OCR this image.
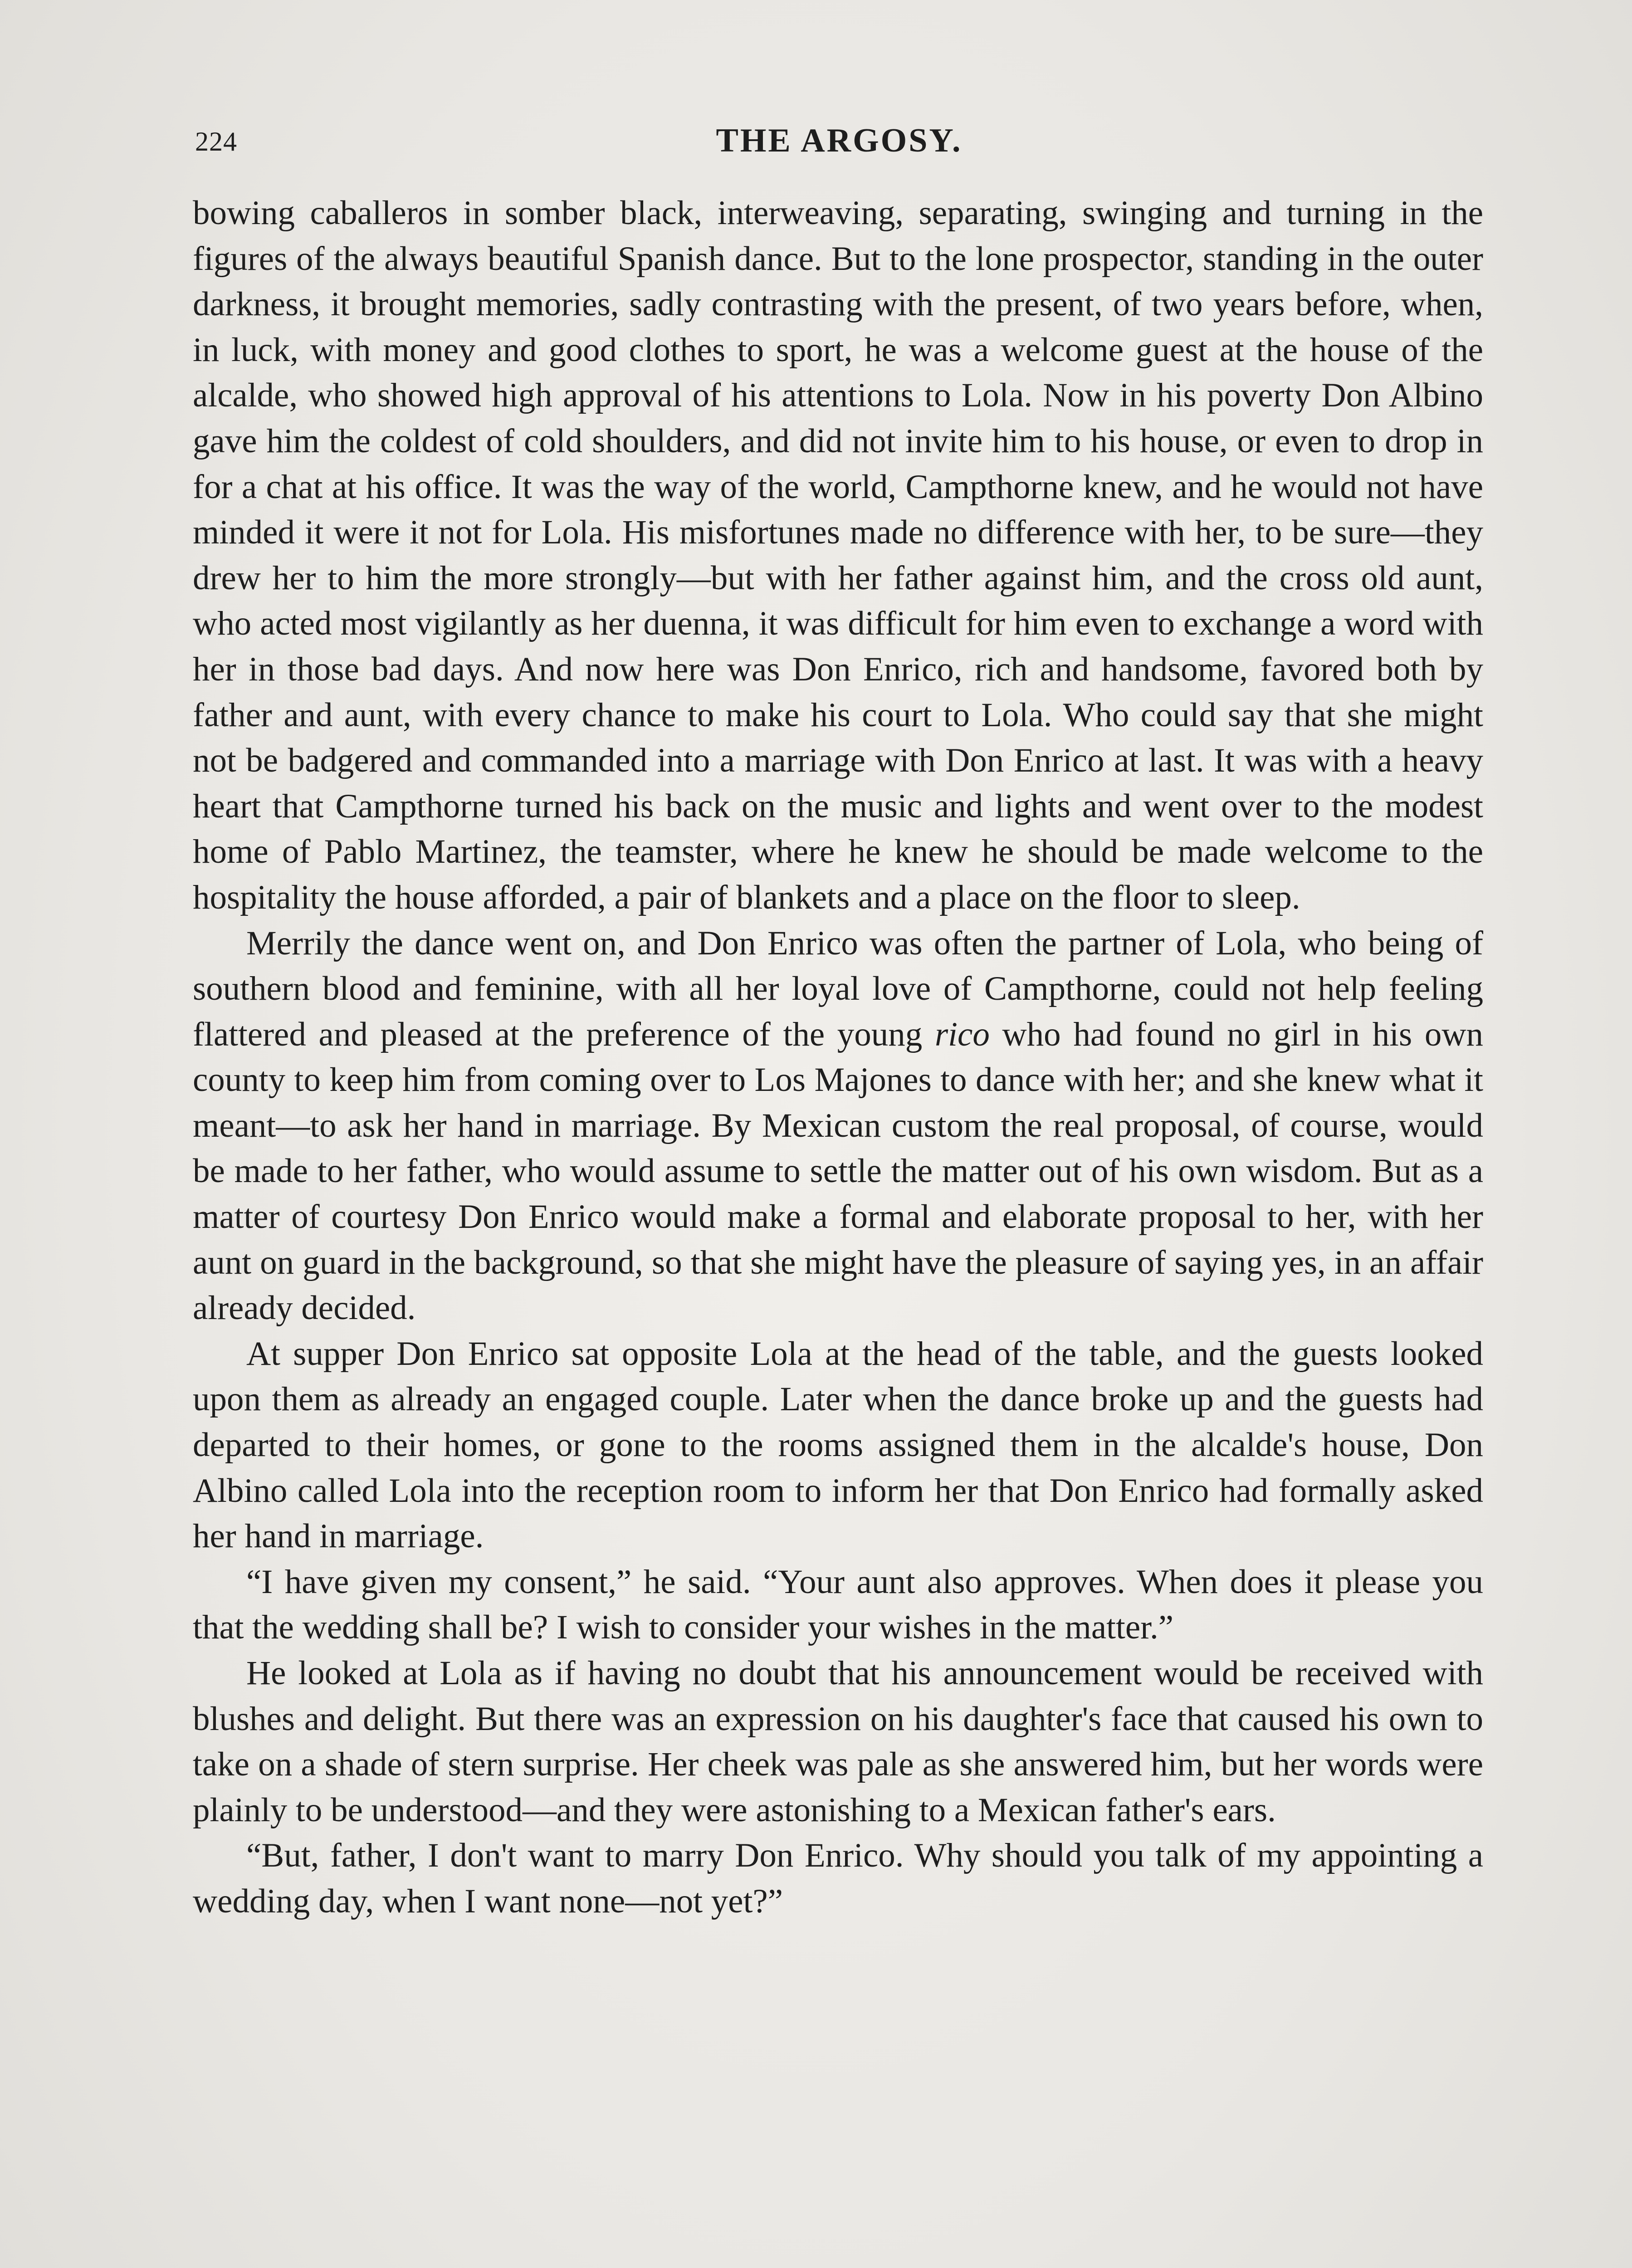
224	THE ARGOSY.

bowing caballeros in somber black, interweaving, separating, swinging and turning in the figures of the always beautiful Spanish dance. But to the lone prospector, standing in the outer darkness, it brought memories, sadly contrasting with the present, of two years before, when, in luck, with money and good clothes to sport, he was a welcome guest at the house of the alcalde, who showed high approval of his attentions to Lola. Now in his poverty Don Albino gave him the coldest of cold shoulders, and did not invite him to his house, or even to drop in for a chat at his office. It was the way of the world, Campthorne knew, and he would not have minded it were it not for Lola. His misfortunes made no difference with her, to be sure—they drew her to him the more strongly—but with her father against him, and the cross old aunt, who acted most vigilantly as her duenna, it was difficult for him even to exchange a word with her in those bad days. And now here was Don Enrico, rich and handsome, favored both by father and aunt, with every chance to make his court to Lola. Who could say that she might not be badgered and commanded into a marriage with Don Enrico at last. It was with a heavy heart that Campthorne turned his back on the music and lights and went over to the modest home of Pablo Martinez, the teamster, where he knew he should be made welcome to the hospitality the house afforded, a pair of blankets and a place on the floor to sleep.

Merrily the dance went on, and Don Enrico was often the partner of Lola, who being of southern blood and feminine, with all her loyal love of Campthorne, could not help feeling flattered and pleased at the preference of the young rico who had found no girl in his own county to keep him from coming over to Los Majones to dance with her; and she knew what it meant—to ask her hand in marriage. By Mexican custom the real proposal, of course, would be made to her father, who would assume to settle the matter out of his own wisdom. But as a matter of courtesy Don Enrico would make a formal and elaborate proposal to her, with her aunt on guard in the background, so that she might have the pleasure of saying yes, in an affair already decided.

At supper Don Enrico sat opposite Lola at the head of the table, and the guests looked upon them as already an engaged couple. Later when the dance broke up and the guests had departed to their homes, or gone to the rooms assigned them in the alcalde's house, Don Albino called Lola into the reception room to inform her that Don Enrico had formally asked her hand in marriage.

“I have given my consent,” he said. “Your aunt also approves. When does it please you that the wedding shall be? I wish to consider your wishes in the matter.”

He looked at Lola as if having no doubt that his announcement would be received with blushes and delight. But there was an expression on his daughter's face that caused his own to take on a shade of stern surprise. Her cheek was pale as she answered him, but her words were plainly to be understood—and they were astonishing to a Mexican father's ears.

“But, father, I don't want to marry Don Enrico. Why should you talk of my appointing a wedding day, when I want none—not yet?”
